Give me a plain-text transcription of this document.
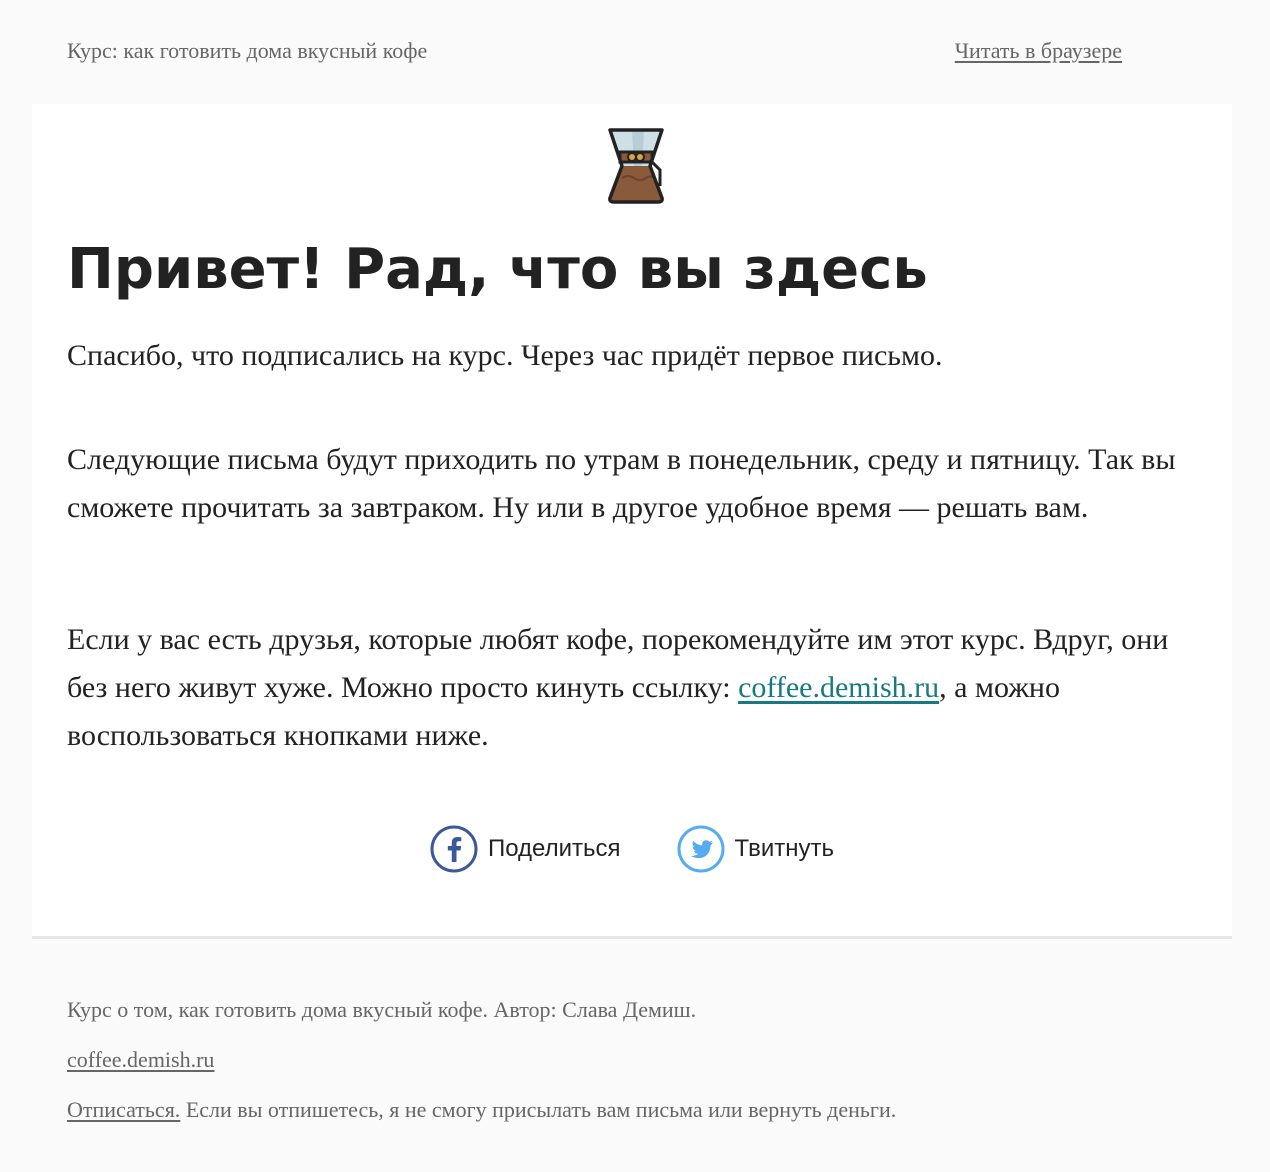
Курс: как готовить дома вкусный кофе	Читать в браузере
Привет! Рад, что вы здесь

Спасибо, что подписались на курс. Через час придёт первое письмо.

Следующие письма будут приходить по утрам в понедельник, среду и пятницу. Так вы сможете прочитать за завтраком. Ну или в другое удобное время — решать вам.

Если у вас есть друзья, которые любят кофе, порекомендуйте им этот курс. Вдруг, они без него живут хуже. Можно просто кинуть ссылку: coffee.demish.ru, а можно воспользоваться кнопками ниже.

Поделиться	Твитнуть

Курс о том, как готовить дома вкусный кофе. Автор: Слава Демиш.

coffee.demish.ru

Отписаться. Если вы отпишетесь, я не смогу присылать вам письма или вернуть деньги.
